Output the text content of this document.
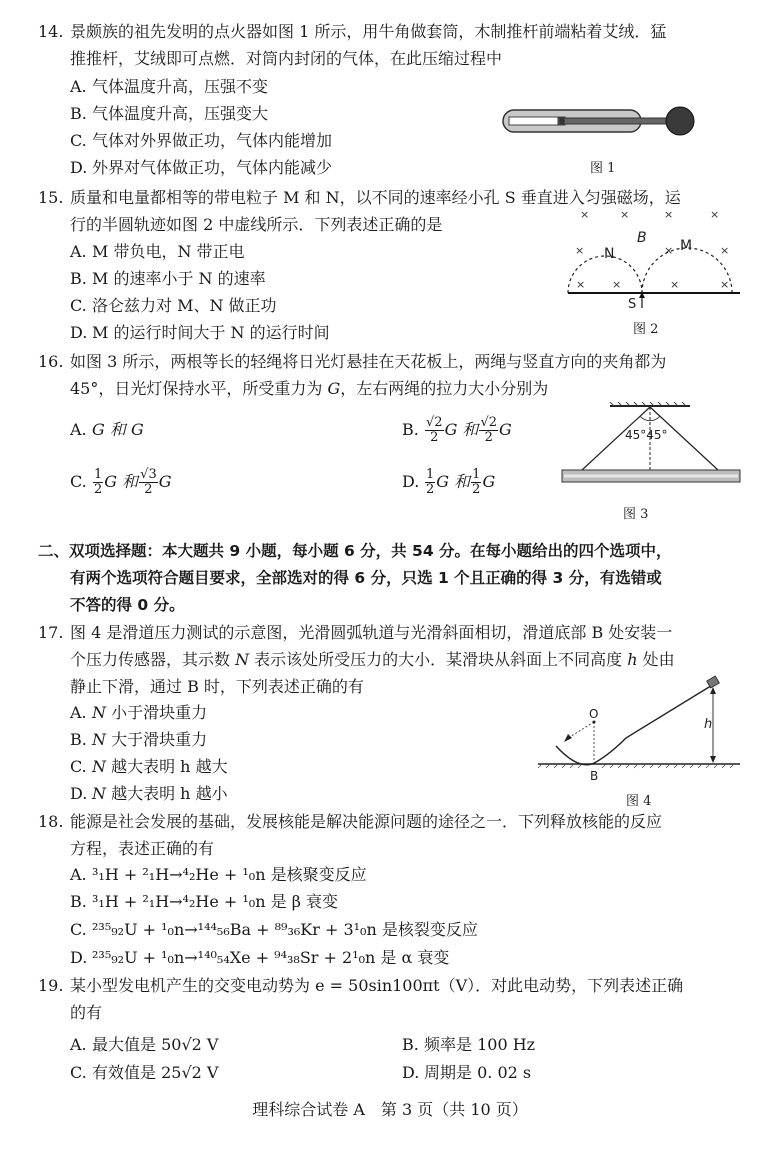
14. 景颇族的祖先发明的点火器如图 1 所示，用牛角做套筒，木制推杆前端粘着艾绒．猛
推推杆，艾绒即可点燃．对筒内封闭的气体，在此压缩过程中
A. 气体温度升高，压强不变
B. 气体温度升高，压强变大
C. 气体对外界做正功，气体内能增加
D. 外界对气体做正功，气体内能减少	图 1
15. 质量和电量都相等的带电粒子 M 和 N，以不同的速率经小孔 S 垂直进入匀强磁场，运
行的半圆轨迹如图 2 中虚线所示．下列表述正确的是
A. M 带负电，N 带正电
B. M 的速率小于 N 的速率
C. 洛仑兹力对 M、N 做正功
D. M 的运行时间大于 N 的运行时间
×	×	×	×
×	×	×
× ×	×	×
N
B M
S
图 2
16. 如图 3 所示，两根等长的轻绳将日光灯悬挂在天花板上，两绳与竖直方向的夹角都为
45°，日光灯保持水平，所受重力为 G，左右两绳的拉力大小分别为
A. G 和 G	B. $\frac{√2}{2}$ G 和 $\frac{√2}{2}$ G
C. $\frac{1}{2}$ G 和 $\frac{√3}{2}$ G	D. $\frac{1}{2}$ G 和 $\frac{1}{2}$ G
45°45°
图 3
二、双项选择题：本大题共 9 小题，每小题 6 分，共 54 分。在每小题给出的四个选项中，
有两个选项符合题目要求，全部选对的得 6 分，只选 1 个且正确的得 3 分，有选错或
不答的得 0 分。
17. 图 4 是滑道压力测试的示意图，光滑圆弧轨道与光滑斜面相切，滑道底部 B 处安装一
个压力传感器，其示数 N 表示该处所受压力的大小．某滑块从斜面上不同高度 h 处由
静止下滑，通过 B 时，下列表述正确的有
A. N 小于滑块重力
B. N 大于滑块重力
C. N 越大表明 h 越大
D. N 越大表明 h 越小
O
B
h
图 4
18. 能源是社会发展的基础，发展核能是解决能源问题的途径之一．下列释放核能的反应
方程，表述正确的有
A. ³₁H + ²₁H→⁴₂He + ¹₀n 是核聚变反应
B. ³₁H + ²₁H→⁴₂He + ¹₀n 是 β 衰变
C. ²³⁵₉₂U + ¹₀n→¹⁴⁴₅₆Ba + ⁸⁹₃₆Kr + 3¹₀n 是核裂变反应
D. ²³⁵₉₂U + ¹₀n→¹⁴⁰₅₄Xe + ⁹⁴₃₈Sr + 2¹₀n 是 α 衰变
19. 某小型发电机产生的交变电动势为 e = 50sin100πt（V）．对此电动势，下列表述正确
的有
A. 最大值是 50√2 V	B. 频率是 100 Hz
C. 有效值是 25√2 V	D. 周期是 0. 02 s
理科综合试卷 A　第 3 页（共 10 页）
